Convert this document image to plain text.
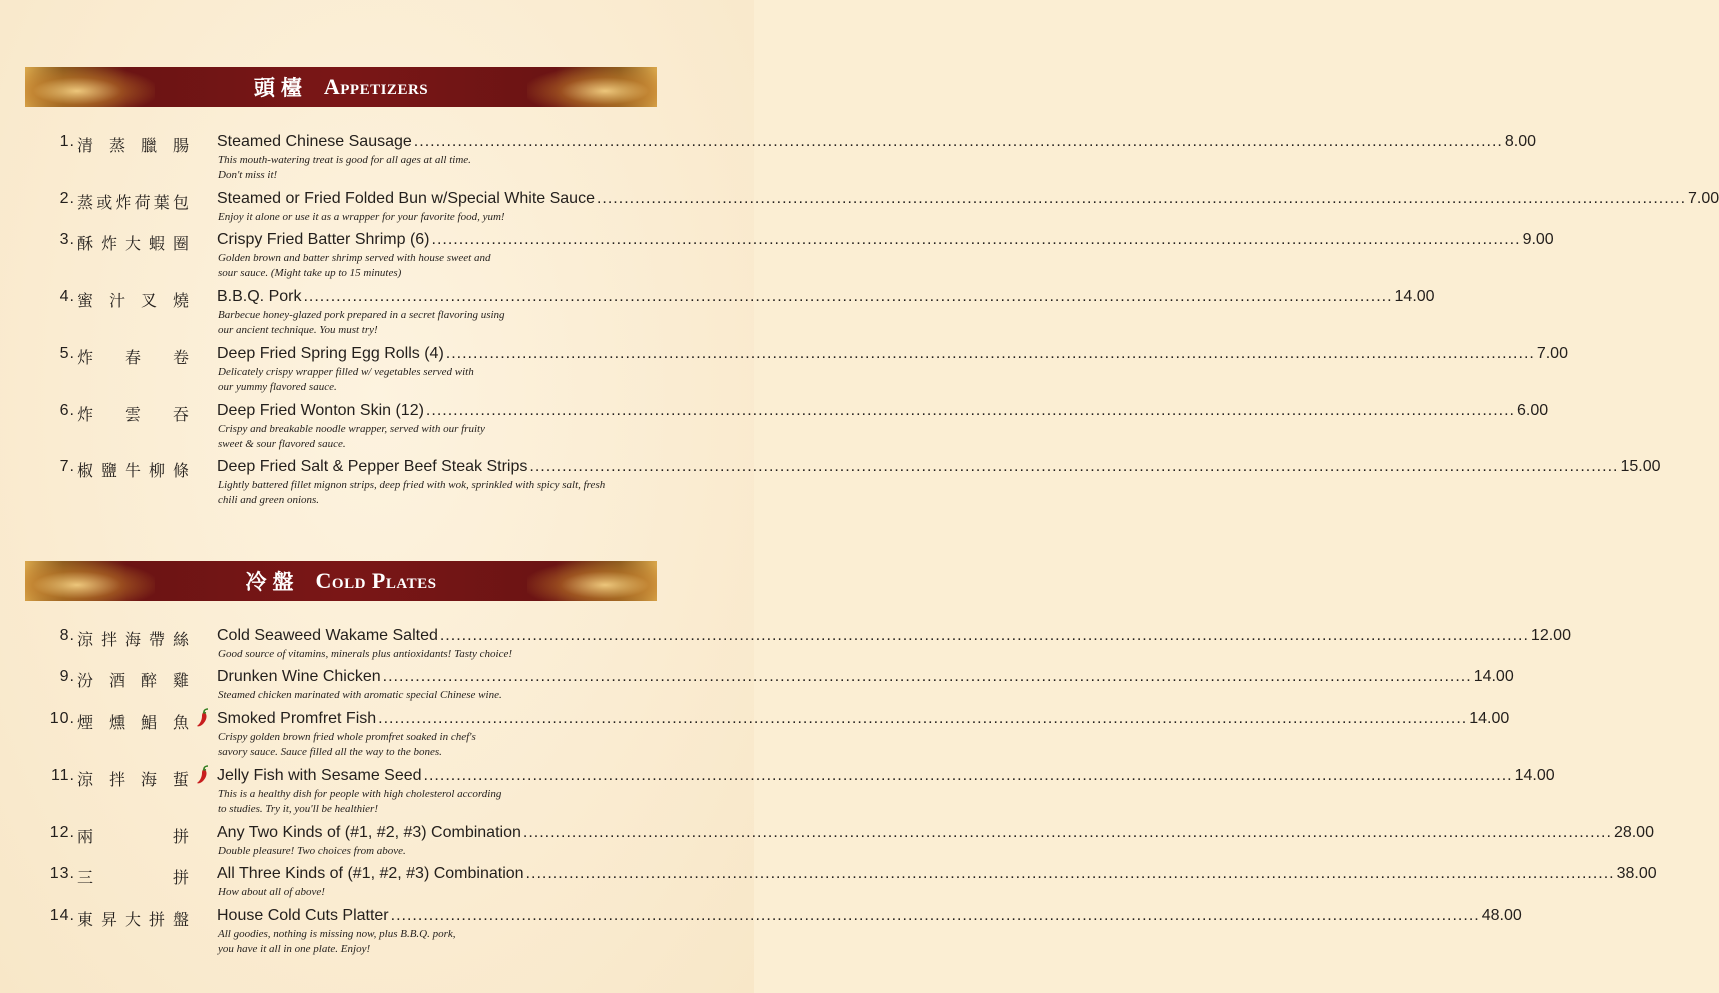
頭檯 Appetizers
1. 清 蒸 臘 腸 Steamed Chinese Sausage ........................................................................................................................................................................................................ 8.00
This mouth-watering treat is good for all ages at all time.
Don't miss it!
2. 蒸 或 炸 荷 葉 包 Steamed or Fried Folded Bun w/Special White Sauce ........................................................................................................................................................................................................ 7.00
Enjoy it alone or use it as a wrapper for your favorite food, yum!
3. 酥 炸 大 蝦 圈 Crispy Fried Batter Shrimp (6) ........................................................................................................................................................................................................ 9.00
Golden brown and batter shrimp served with house sweet and
sour sauce. (Might take up to 15 minutes)
4. 蜜 汁 叉 燒 B.B.Q. Pork ........................................................................................................................................................................................................ 14.00
Barbecue honey-glazed pork prepared in a secret flavoring using
our ancient technique. You must try!
5. 炸 春 卷 Deep Fried Spring Egg Rolls (4) ........................................................................................................................................................................................................ 7.00
Delicately crispy wrapper filled w/ vegetables served with
our yummy flavored sauce.
6. 炸 雲 吞 Deep Fried Wonton Skin (12) ........................................................................................................................................................................................................ 6.00
Crispy and breakable noodle wrapper, served with our fruity
sweet & sour flavored sauce.
7. 椒 鹽 牛 柳 條 Deep Fried Salt & Pepper Beef Steak Strips ........................................................................................................................................................................................................ 15.00
Lightly battered fillet mignon strips, deep fried with wok, sprinkled with spicy salt, fresh
chili and green onions.
冷盤 Cold Plates
8. 涼 拌 海 帶 絲 Cold Seaweed Wakame Salted ........................................................................................................................................................................................................ 12.00
Good source of vitamins, minerals plus antioxidants! Tasty choice!
9. 汾 酒 醉 雞 Drunken Wine Chicken ........................................................................................................................................................................................................ 14.00
Steamed chicken marinated with aromatic special Chinese wine.
10. 煙 燻 鯧 魚 Smoked Promfret Fish ........................................................................................................................................................................................................ 14.00
Crispy golden brown fried whole promfret soaked in chef's
savory sauce. Sauce filled all the way to the bones.
11. 涼 拌 海 蜇 Jelly Fish with Sesame Seed ........................................................................................................................................................................................................ 14.00
This is a healthy dish for people with high cholesterol according
to studies. Try it, you'll be healthier!
12. 兩	拼 Any Two Kinds of (#1, #2, #3) Combination ........................................................................................................................................................................................................ 28.00
Double pleasure! Two choices from above.
13. 三	拼 All Three Kinds of (#1, #2, #3) Combination ........................................................................................................................................................................................................ 38.00
How about all of above!
14. 東 昇 大 拼 盤 House Cold Cuts Platter ........................................................................................................................................................................................................ 48.00
All goodies, nothing is missing now, plus B.B.Q. pork,
you have it all in one plate. Enjoy!
